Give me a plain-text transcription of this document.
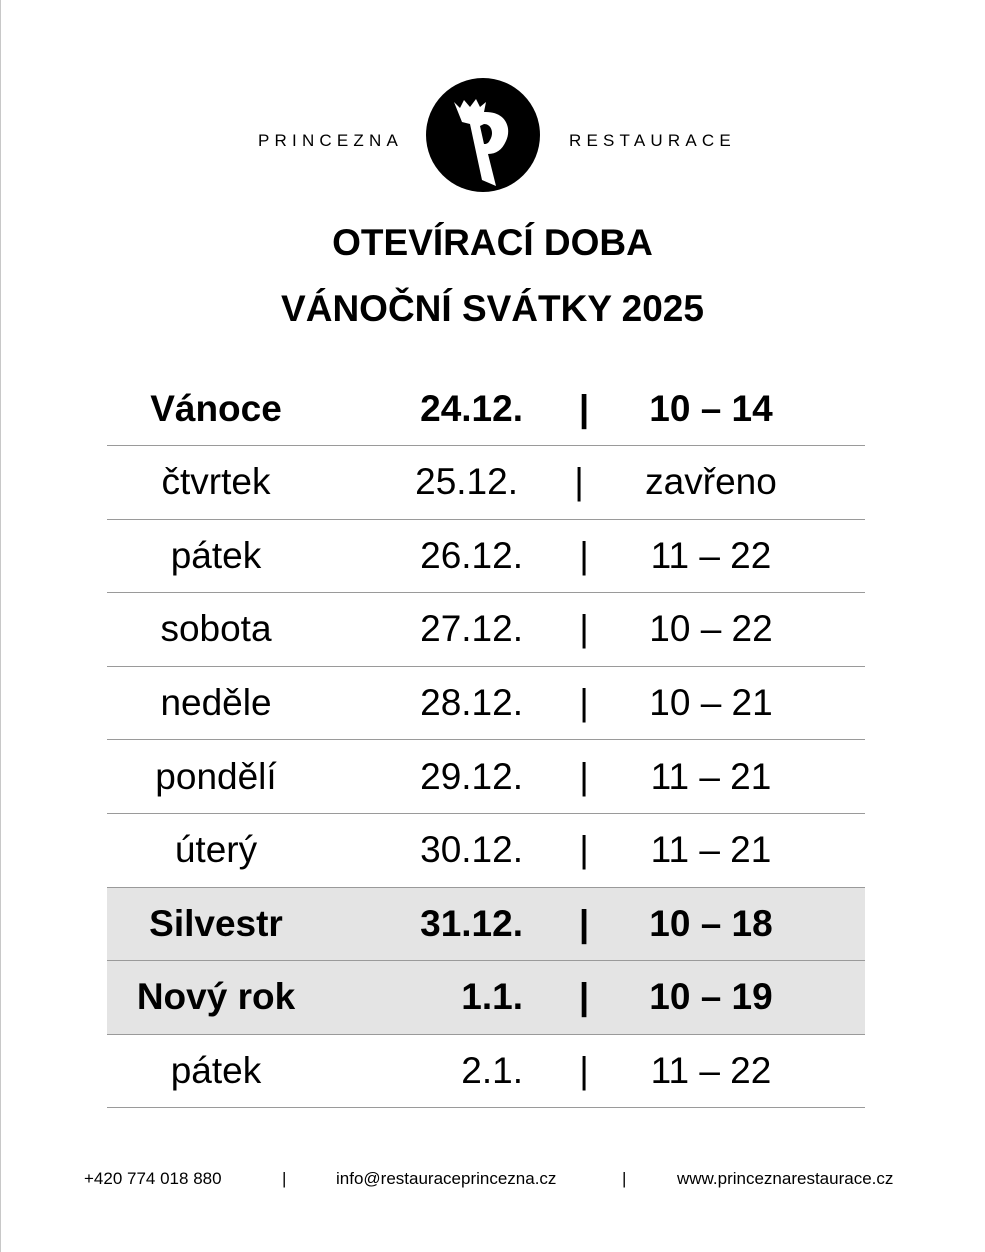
PRINCEZNA	RESTAURACE
OTEVÍRACÍ DOBA
VÁNOČNÍ SVÁTKY 2025
Vánoce	24.12. |	10 – 14
čtvrtek	25.12. |	zavřeno
pátek	26.12. |	11 – 22
sobota	27.12. |	10 – 22
neděle	28.12. |	10 – 21
pondělí	29.12. |	11 – 21
úterý	30.12. |	11 – 21
Silvestr	31.12. |	10 – 18
Nový rok	1.1. |	10 – 19
pátek	2.1. |	11 – 22
+420 774 018 880	|	info@restauraceprincezna.cz	|	www.princeznarestaurace.cz
